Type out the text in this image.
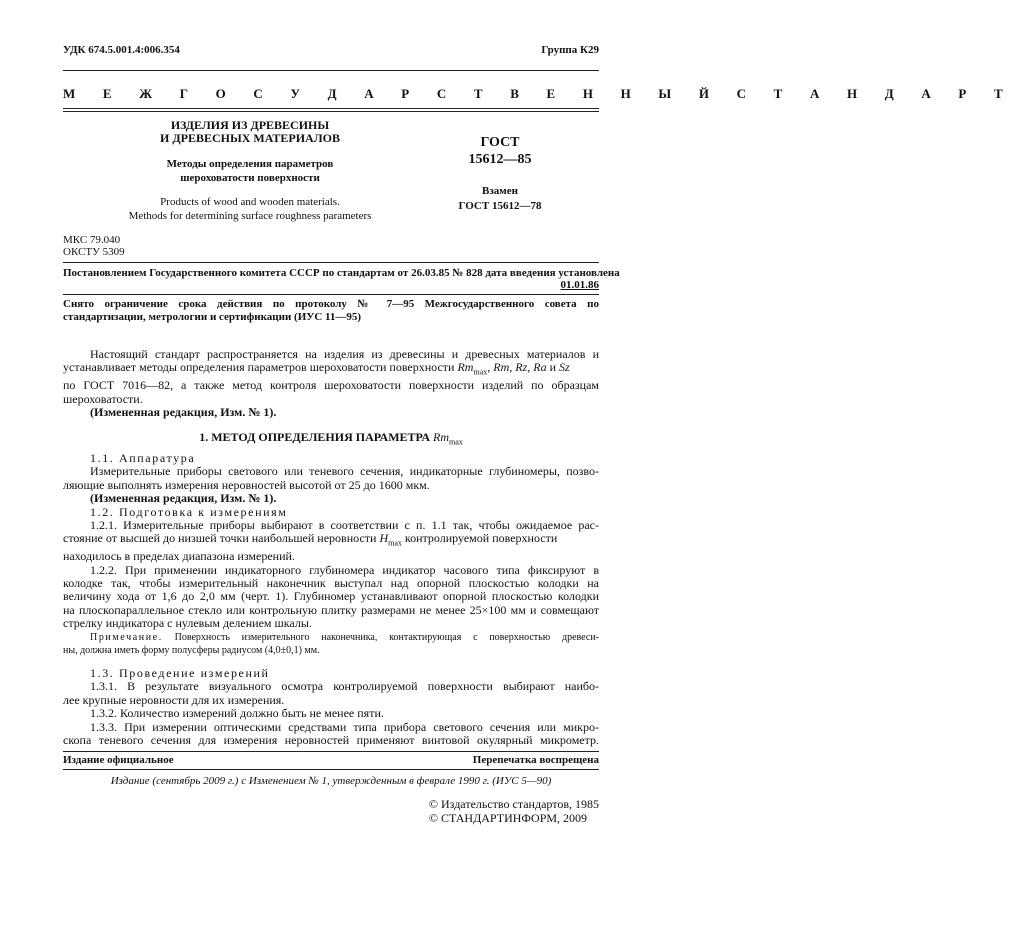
УДК 674.5.001.4:006.354	Группа К29
М Е Ж Г О С У Д А Р С Т В Е Н Н Ы Й С Т А Н Д А Р Т
ИЗДЕЛИЯ ИЗ ДРЕВЕСИНЫ
И ДРЕВЕСНЫХ МАТЕРИАЛОВ
Методы определения параметров
шероховатости поверхности
Products of wood and wooden materials.
Methods for determining surface roughness parameters
ГОСТ
15612—85
Взамен
ГОСТ 15612—78
МКС 79.040
ОКСТУ 5309
Постановлением Государственного комитета СССР по стандартам от 26.03.85 № 828 дата введения установлена
01.01.86
Снято ограничение срока действия по протоколу № 7—95 Межгосударственного совета по стандартизации, метрологии и сертификации (ИУС 11—95)

Настоящий стандарт распространяется на изделия из древесины и древесных материалов и

устанавливает методы определения параметров шероховатости поверхности $Rm_{max}$, Rm, Rz, Ra и Sz

по ГОСТ 7016—82, а также метод контроля шероховатости поверхности изделий по образцам

шероховатости.

(Измененная редакция, Изм. № 1).

1. МЕТОД ОПРЕДЕЛЕНИЯ ПАРАМЕТРА $Rm_{max}$

1.1. Аппаратура

Измерительные приборы светового или теневого сечения, индикаторные глубиномеры, позво-

ляющие выполнять измерения неровностей высотой от 25 до 1600 мкм.

(Измененная редакция, Изм. № 1).

1.2. Подготовка к измерениям

1.2.1. Измерительные приборы выбирают в соответствии с п. 1.1 так, чтобы ожидаемое рас-

стояние от высшей до низшей точки наибольшей неровности $H_{max}$ контролируемой поверхности

находилось в пределах диапазона измерений.

1.2.2. При применении индикаторного глубиномера индикатор часового типа фиксируют в

колодке так, чтобы измерительный наконечник выступал над опорной плоскостью колодки на

величину хода от 1,6 до 2,0 мм (черт. 1). Глубиномер устанавливают опорной плоскостью колодки

на плоскопараллельное стекло или контрольную плитку размерами не менее 25×100 мм и совмещают

стрелку индикатора с нулевым делением шкалы.

Примечание. Поверхность измерительного наконечника, контактирующая с поверхностью древеси-

ны, должна иметь форму полусферы радиусом (4,0±0,1) мм.

1.3. Проведение измерений

1.3.1. В результате визуального осмотра контролируемой поверхности выбирают наибо-

лее крупные неровности для их измерения.

1.3.2. Количество измерений должно быть не менее пяти.

1.3.3. При измерении оптическими средствами типа прибора светового сечения или микро-

скопа теневого сечения для измерения неровностей применяют винтовой окулярный микрометр.

Издание официальное	Перепечатка воспрещена
Издание (сентябрь 2009 г.) с Изменением № 1, утвержденным в феврале 1990 г. (ИУС 5—90)
© Издательство стандартов, 1985
© СТАНДАРТИНФОРМ, 2009
